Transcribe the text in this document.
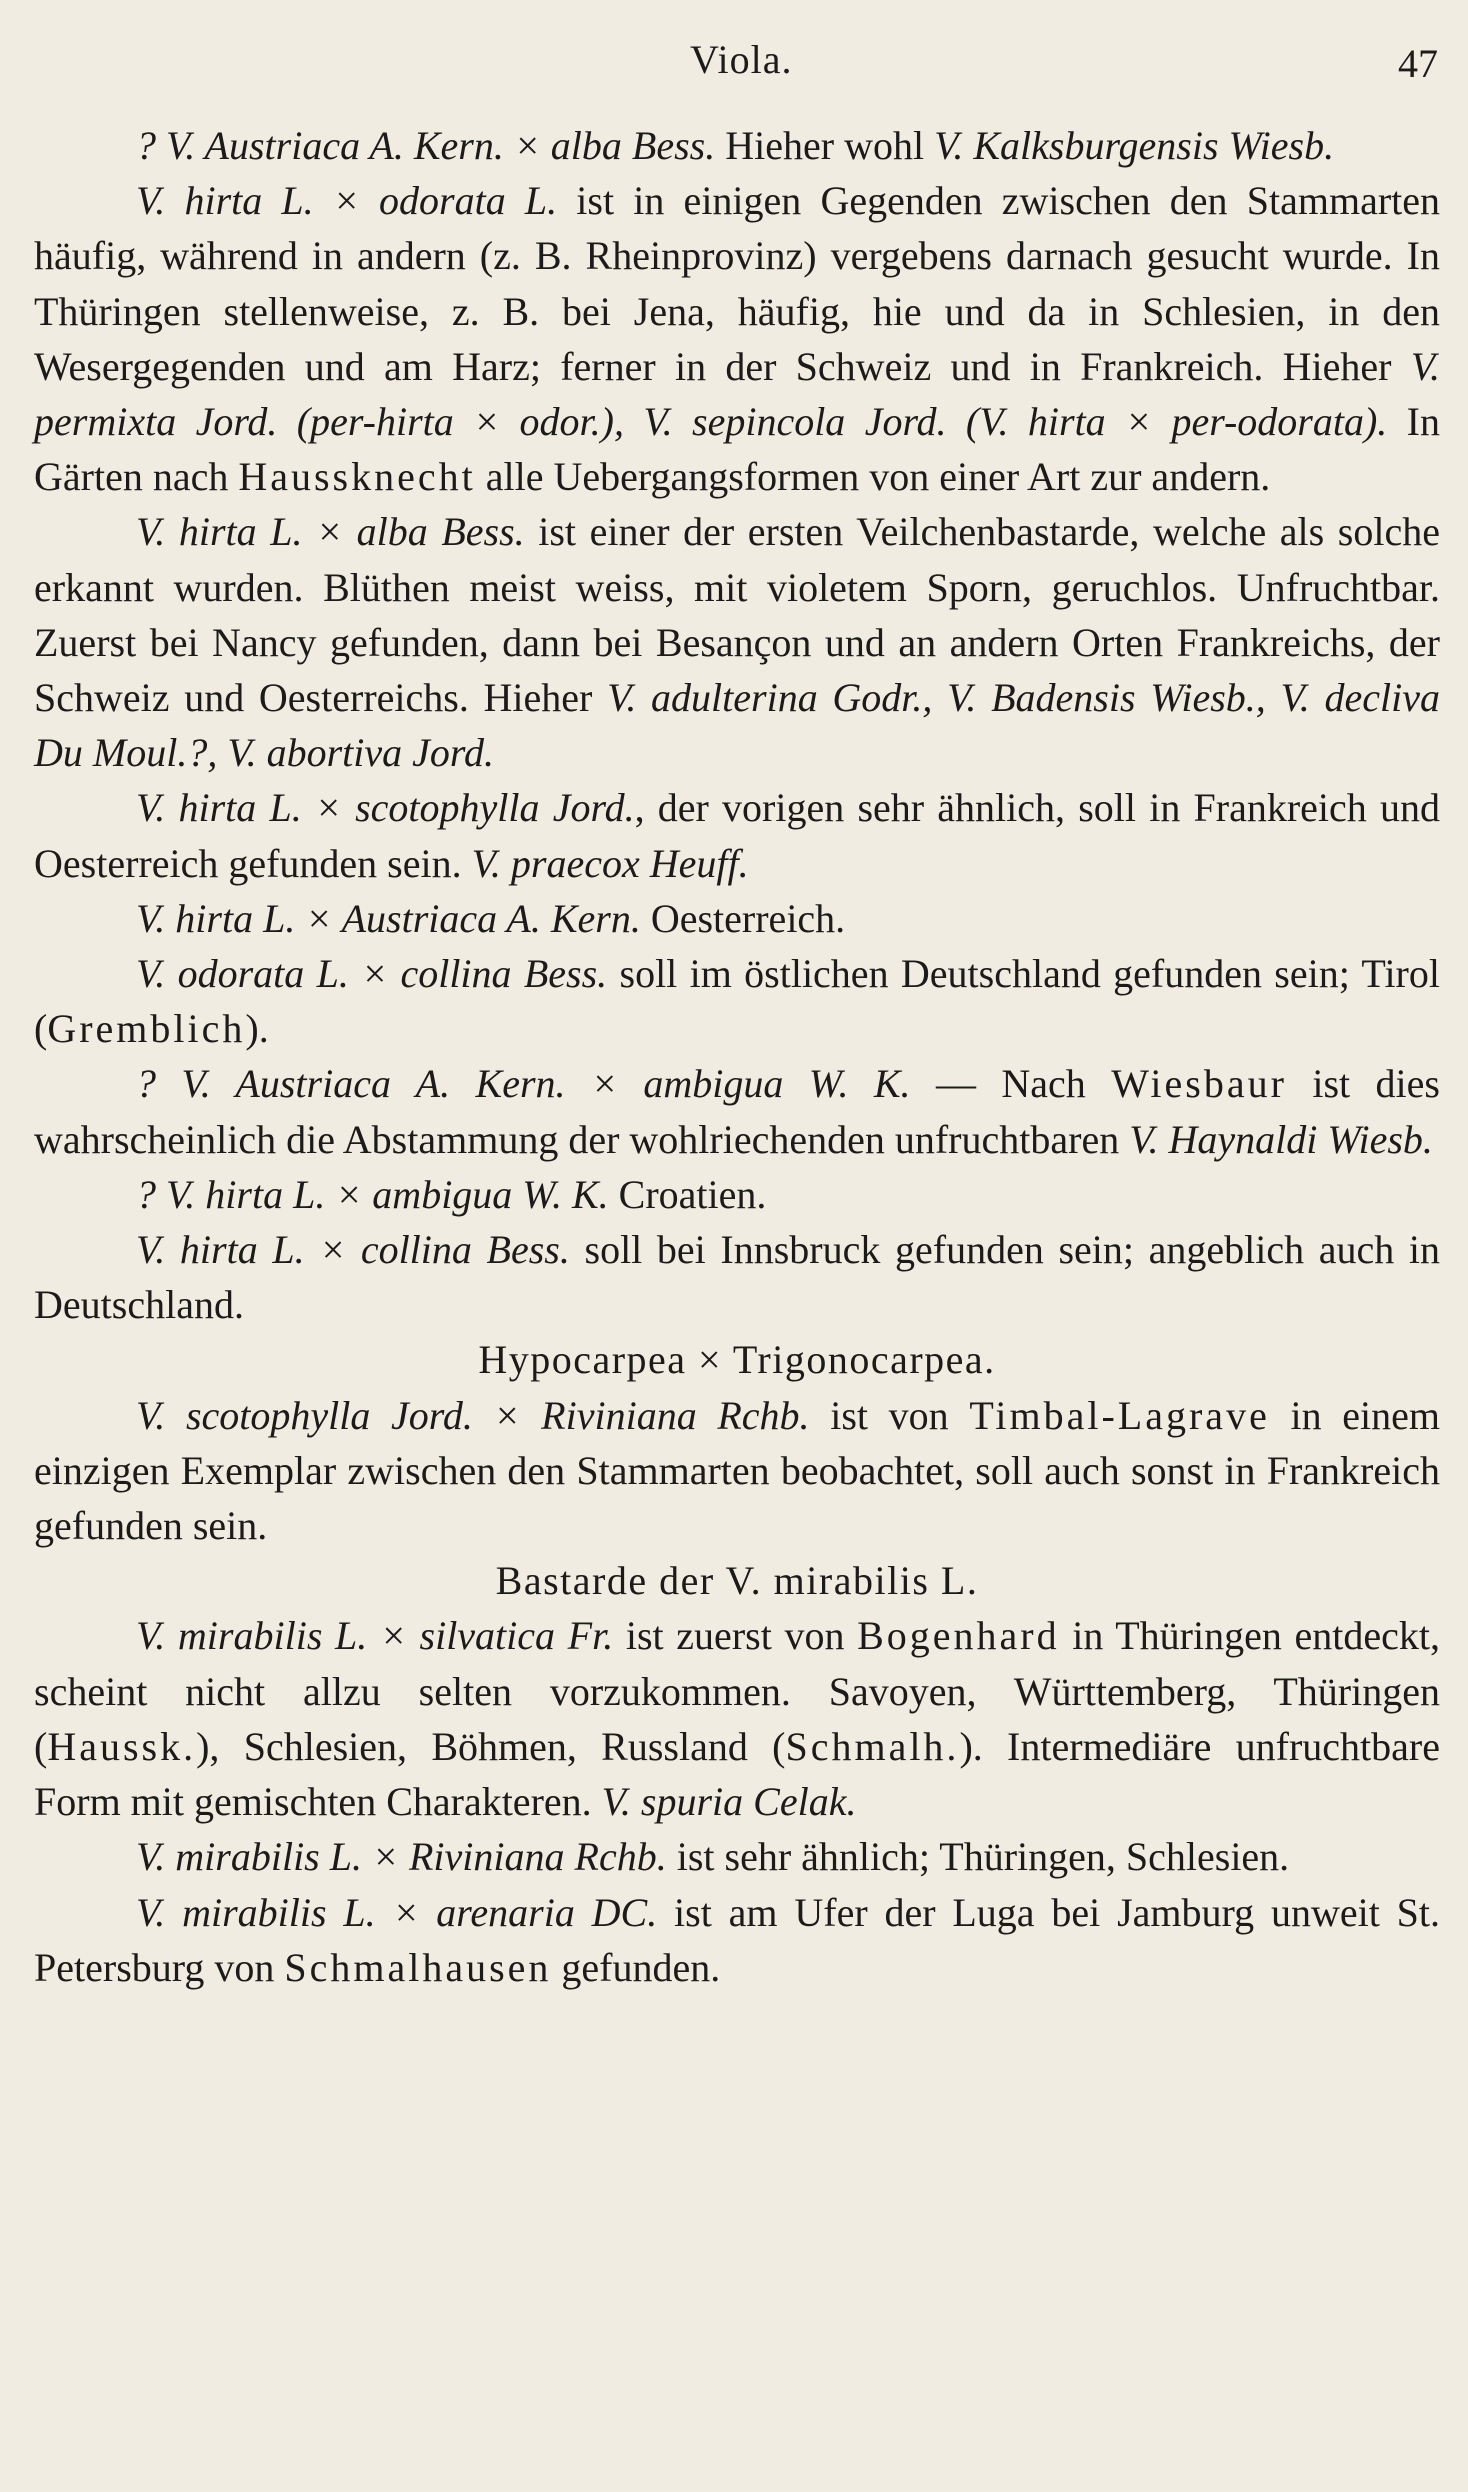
Viola.	47

? V. Austriaca A. Kern. × alba Bess. Hieher wohl V. Kalksburgensis Wiesb.

V. hirta L. × odorata L. ist in einigen Gegenden zwischen den Stammarten häufig, während in andern (z. B. Rheinprovinz) vergebens darnach gesucht wurde. In Thüringen stellenweise, z. B. bei Jena, häufig, hie und da in Schlesien, in den Wesergegenden und am Harz; ferner in der Schweiz und in Frankreich. Hieher V. permixta Jord. (per-hirta × odor.), V. sepincola Jord. (V. hirta × per-odorata). In Gärten nach Haussknecht alle Uebergangsformen von einer Art zur andern.

V. hirta L. × alba Bess. ist einer der ersten Veilchenbastarde, welche als solche erkannt wurden. Blüthen meist weiss, mit violetem Sporn, geruchlos. Unfruchtbar. Zuerst bei Nancy gefunden, dann bei Besançon und an andern Orten Frankreichs, der Schweiz und Oesterreichs. Hieher V. adulterina Godr., V. Badensis Wiesb., V. decliva Du Moul.?, V. abortiva Jord.

V. hirta L. × scotophylla Jord., der vorigen sehr ähnlich, soll in Frankreich und Oesterreich gefunden sein. V. praecox Heuff.

V. hirta L. × Austriaca A. Kern. Oesterreich.

V. odorata L. × collina Bess. soll im östlichen Deutschland gefunden sein; Tirol (Gremblich).

? V. Austriaca A. Kern. × ambigua W. K. — Nach Wiesbaur ist dies wahrscheinlich die Abstammung der wohlriechenden unfruchtbaren V. Haynaldi Wiesb.

? V. hirta L. × ambigua W. K. Croatien.

V. hirta L. × collina Bess. soll bei Innsbruck gefunden sein; angeblich auch in Deutschland.

Hypocarpea × Trigonocarpea.

V. scotophylla Jord. × Riviniana Rchb. ist von Timbal-Lagrave in einem einzigen Exemplar zwischen den Stammarten beobachtet, soll auch sonst in Frankreich gefunden sein.

Bastarde der V. mirabilis L.

V. mirabilis L. × silvatica Fr. ist zuerst von Bogenhard in Thüringen entdeckt, scheint nicht allzu selten vorzukommen. Savoyen, Württemberg, Thüringen (Haussk.), Schlesien, Böhmen, Russland (Schmalh.). Intermediäre unfruchtbare Form mit gemischten Charakteren. V. spuria Celak.

V. mirabilis L. × Riviniana Rchb. ist sehr ähnlich; Thüringen, Schlesien.

V. mirabilis L. × arenaria DC. ist am Ufer der Luga bei Jamburg unweit St. Petersburg von Schmalhausen gefunden.
